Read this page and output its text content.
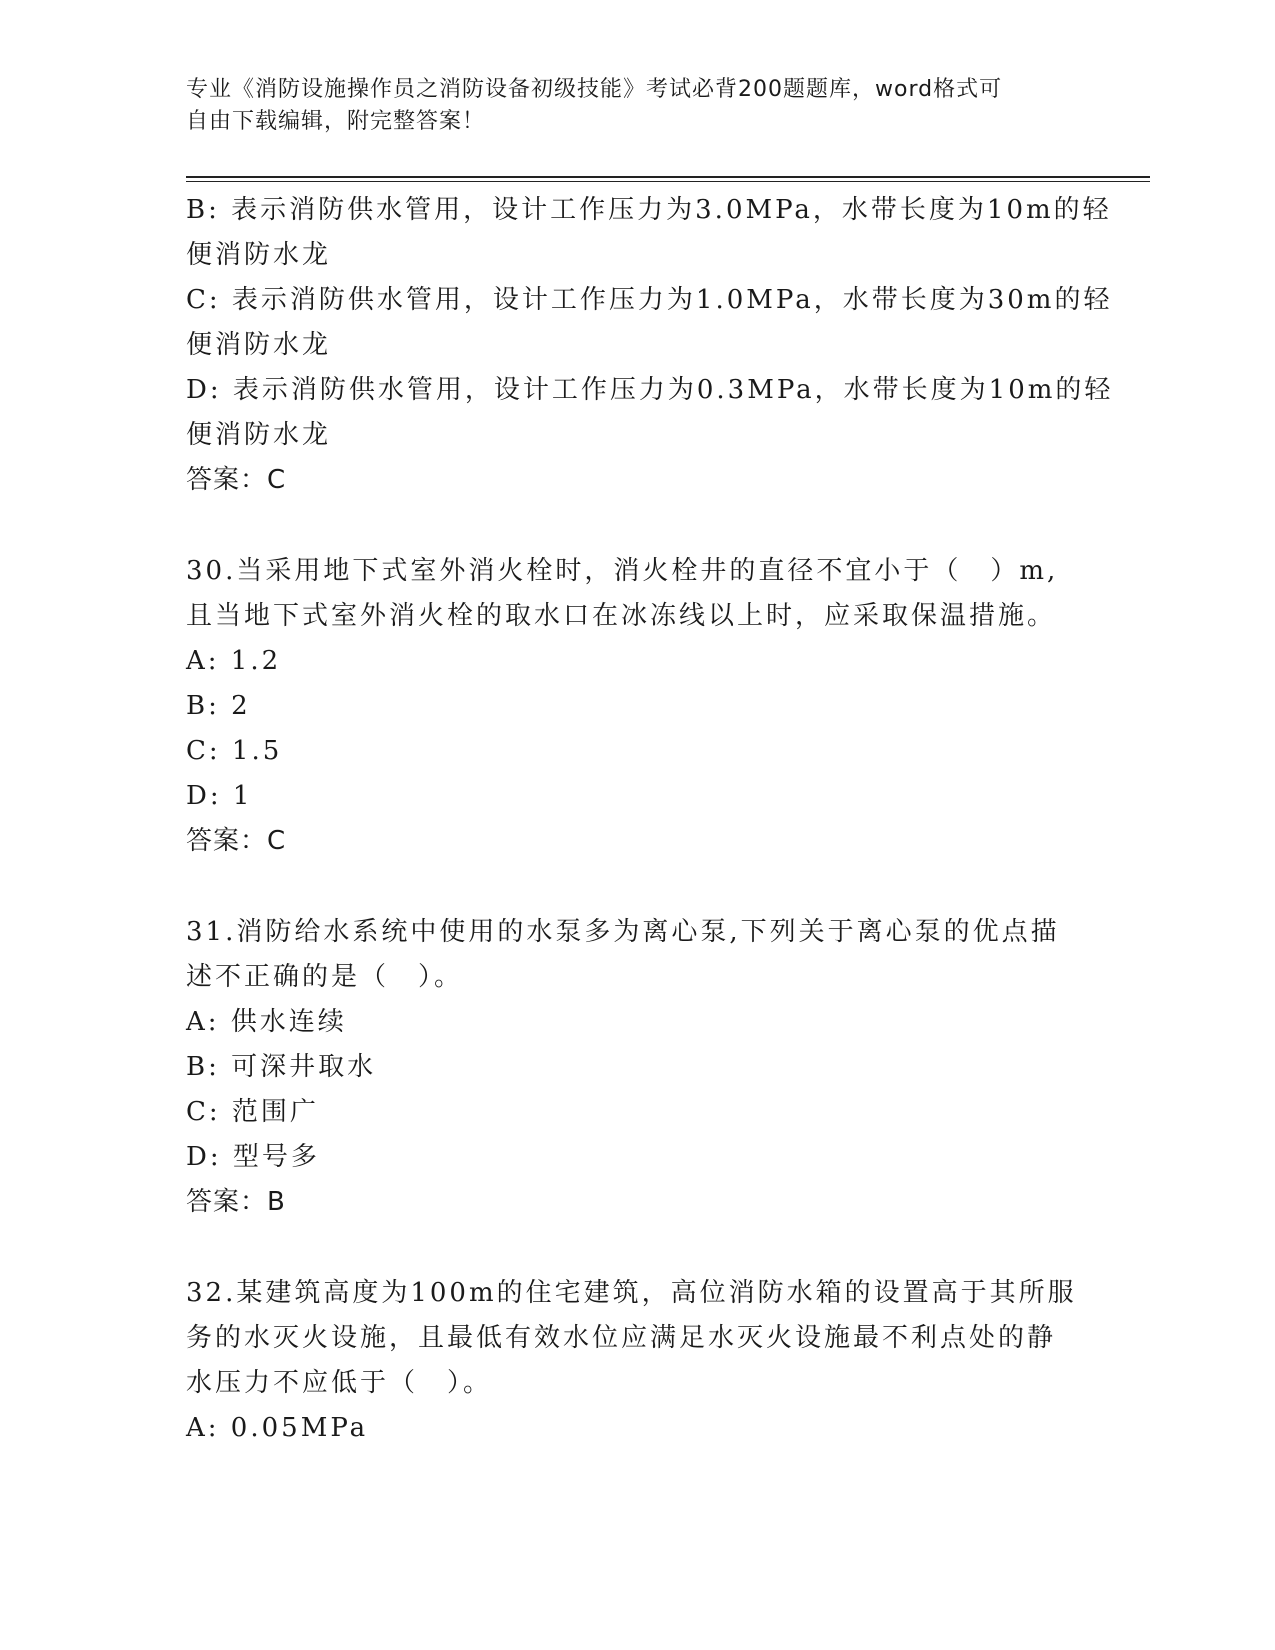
专业《消防设施操作员之消防设备初级技能》考试必背200题题库，word格式可
自由下载编辑，附完整答案！
B: 表示消防供水管用，设计工作压力为3.0MPa，水带长度为10m的轻
便消防水龙
C: 表示消防供水管用，设计工作压力为1.0MPa，水带长度为30m的轻
便消防水龙
D: 表示消防供水管用，设计工作压力为0.3MPa，水带长度为10m的轻
便消防水龙
答案：C
30.当采用地下式室外消火栓时，消火栓井的直径不宜小于（　）m,
且当地下式室外消火栓的取水口在冰冻线以上时，应采取保温措施。
A: 1.2
B: 2
C: 1.5
D: 1
答案：C
31.消防给水系统中使用的水泵多为离心泵,下列关于离心泵的优点描
述不正确的是（　）。
A: 供水连续
B: 可深井取水
C: 范围广
D: 型号多
答案：B
32.某建筑高度为100m的住宅建筑，高位消防水箱的设置高于其所服
务的水灭火设施，且最低有效水位应满足水灭火设施最不利点处的静
水压力不应低于（　）。
A: 0.05MPa
